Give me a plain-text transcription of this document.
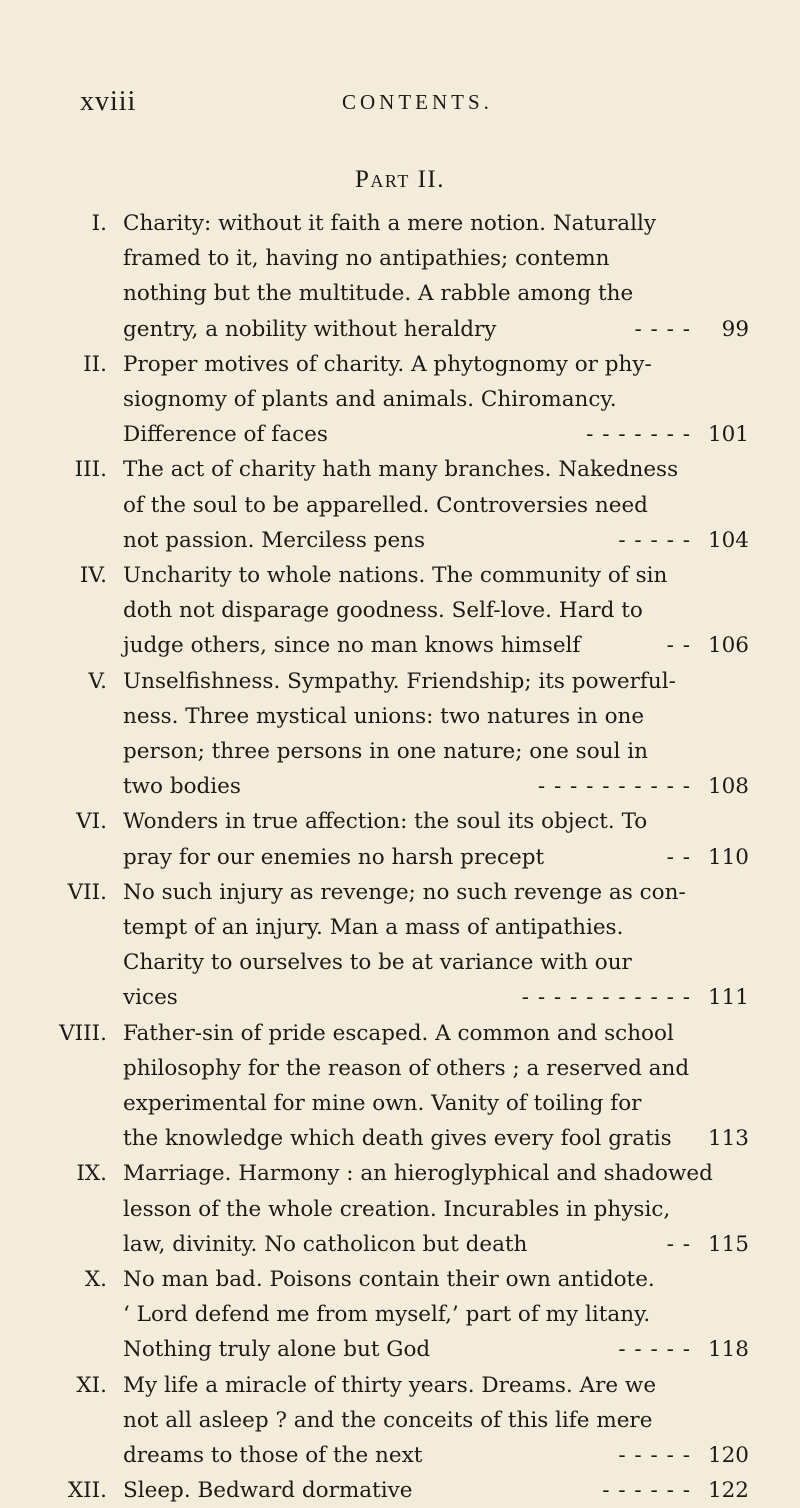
xviii	CONTENTS.
Part II.
I. Charity: without it faith a mere notion. Naturally
framed to it, having no antipathies; contemn
nothing but the multitude. A rabble among the
gentry, a nobility without heraldry	- - - - 99
II. Proper motives of charity. A phytognomy or phy-
siognomy of plants and animals. Chiromancy.
Difference of faces	- - - - - - - 101
III. The act of charity hath many branches. Nakedness
of the soul to be apparelled. Controversies need
not passion. Merciless pens	- - - - - 104
IV. Uncharity to whole nations. The community of sin
doth not disparage goodness. Self-love. Hard to
judge others, since no man knows himself	- - 106
V. Unselfishness. Sympathy. Friendship; its powerful-
ness. Three mystical unions: two natures in one
person; three persons in one nature; one soul in
two bodies	- - - - - - - - - - 108
VI. Wonders in true affection: the soul its object. To
pray for our enemies no harsh precept	- - 110
VII. No such injury as revenge; no such revenge as con-
tempt of an injury. Man a mass of antipathies.
Charity to ourselves to be at variance with our
vices	- - - - - - - - - - - 111
VIII. Father-sin of pride escaped. A common and school
philosophy for the reason of others ; a reserved and
experimental for mine own. Vanity of toiling for
the knowledge which death gives every fool gratis 113
IX. Marriage. Harmony : an hieroglyphical and shadowed
lesson of the whole creation. Incurables in physic,
law, divinity. No catholicon but death	- - 115
X. No man bad. Poisons contain their own antidote.
‘ Lord defend me from myself,’ part of my litany.
Nothing truly alone but God	- - - - - 118
XI. My life a miracle of thirty years. Dreams. Are we
not all asleep ? and the conceits of this life mere
dreams to those of the next	- - - - - 120
XII. Sleep. Bedward dormative	- - - - - - 122
